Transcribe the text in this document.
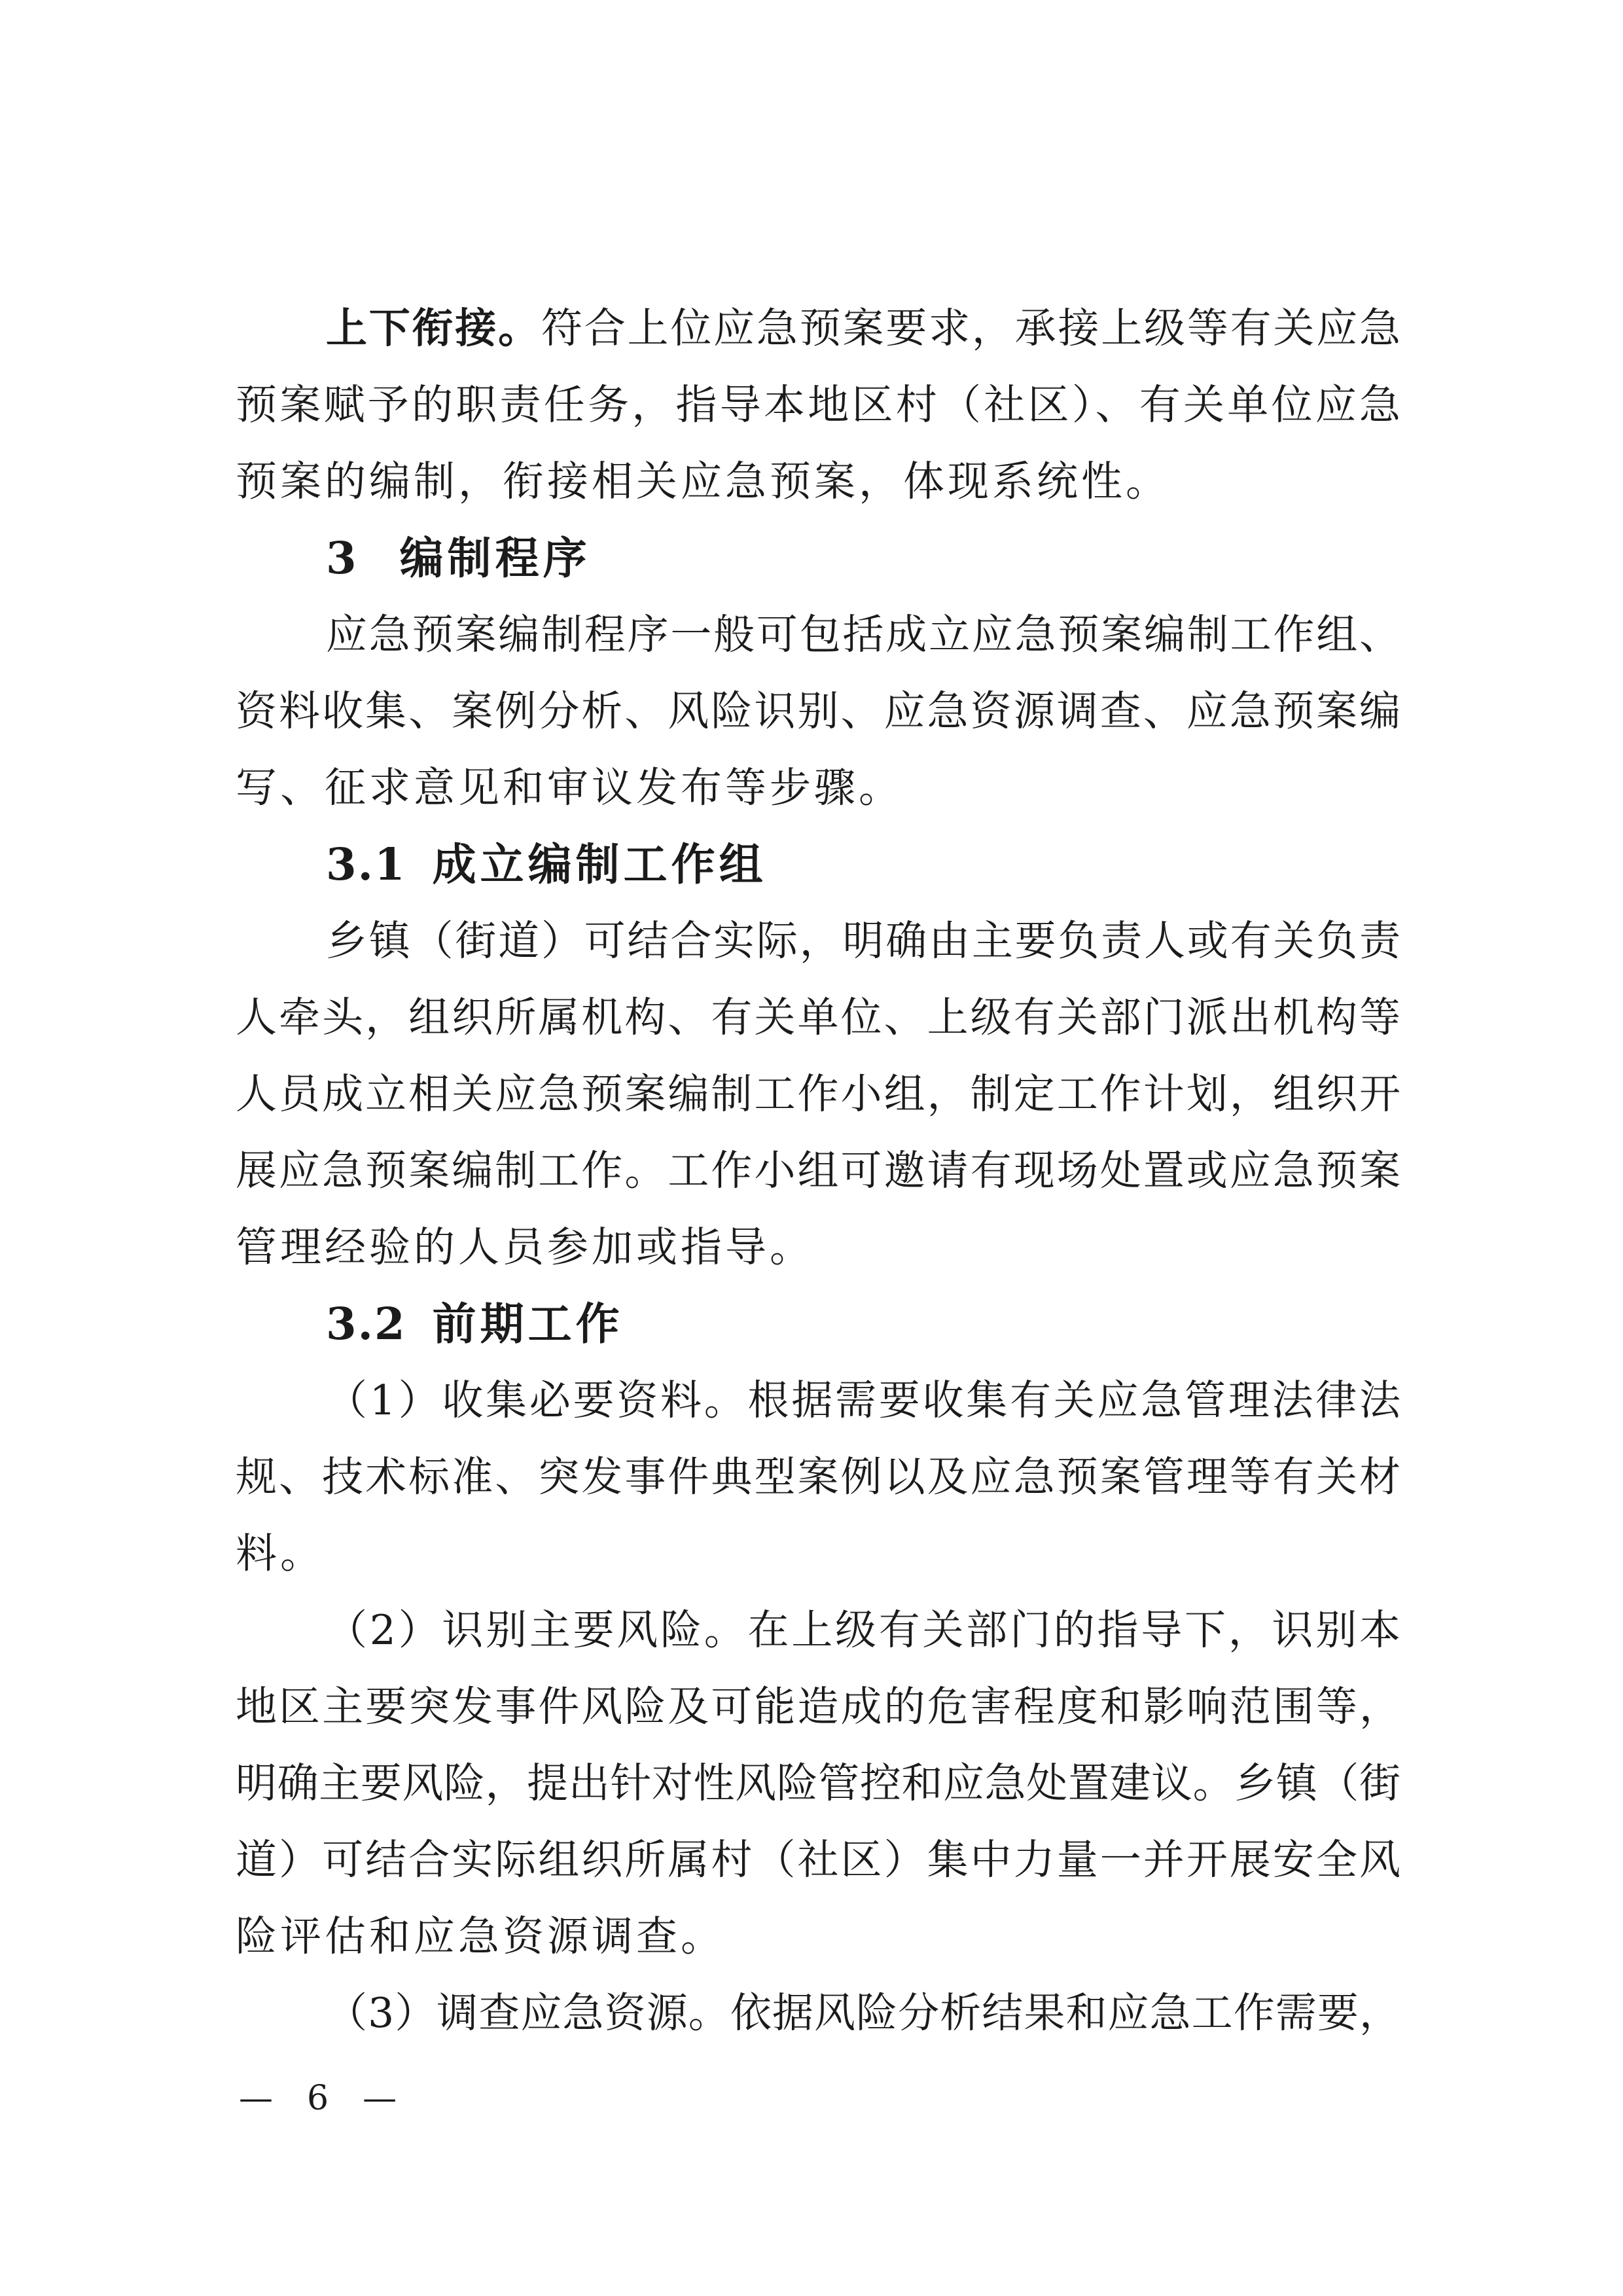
上下衔接。符合上位应急预案要求，承接上级等有关应急
预案赋予的职责任务，指导本地区村（社区）、有关单位应急
预案的编制，衔接相关应急预案，体现系统性。
3 编制程序
应急预案编制程序一般可包括成立应急预案编制工作组、
资料收集、案例分析、风险识别、应急资源调查、应急预案编
写、征求意见和审议发布等步骤。
3.1 成立编制工作组
乡镇（街道）可结合实际，明确由主要负责人或有关负责
人牵头，组织所属机构、有关单位、上级有关部门派出机构等
人员成立相关应急预案编制工作小组，制定工作计划，组织开
展应急预案编制工作。工作小组可邀请有现场处置或应急预案
管理经验的人员参加或指导。
3.2 前期工作
（1）收集必要资料。根据需要收集有关应急管理法律法
规、技术标准、突发事件典型案例以及应急预案管理等有关材
料。
（2）识别主要风险。在上级有关部门的指导下，识别本
地区主要突发事件风险及可能造成的危害程度和影响范围等，
明确主要风险，提出针对性风险管控和应急处置建议。乡镇（街
道）可结合实际组织所属村（社区）集中力量一并开展安全风
险评估和应急资源调查。
（3）调查应急资源。依据风险分析结果和应急工作需要，
— 6 —
